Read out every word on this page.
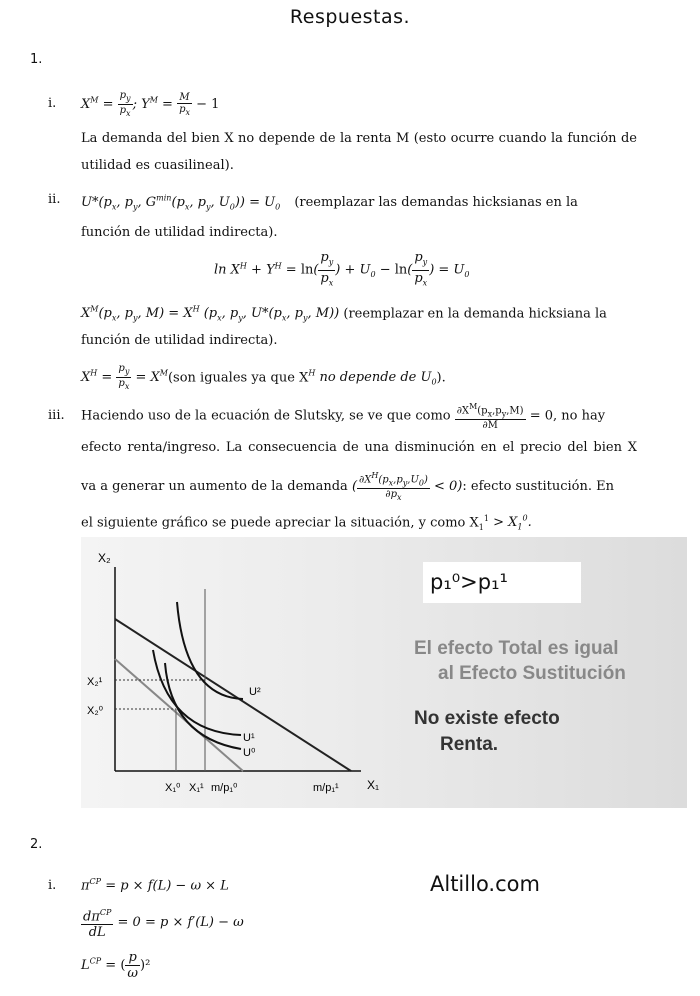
Respuestas.
1.
i. $X^M = \frac{p_y}{p_x}$ ; $Y^M = \frac{M}{p_x} - 1$
La demanda del bien X no depende de la renta M (esto ocurre cuando la función de
utilidad es cuasilineal).
ii. $U*(p_x$, $p_y$, $G^{min}(p_x$, $p_y$, $U_0)) = U_0$ (reemplazar las demandas hicksianas en la
función de utilidad indirecta).
$\ln X^H + Y^H = \ln( \frac{p_y}{p_x}$ ) + $U_0 - \ln( \frac{p_y}{p_x}$ ) = $U_0$
$X^M(p_x$, $p_y$, $M) = X^H$ ($p_x$, $p_y$, $U*(p_x$, $p_y$, M)) (reemplazar en la demanda hicksiana la
función de utilidad indirecta).
$X^H = \frac{p_y}{p_x} = X^M(son$ iguales ya que $X^H$ no depende de $U_0$).
iii. Haciendo uso de la ecuación de Slutsky, se ve que como $\frac{\partial X^M(p_x,p_y,M)}{\partial M} = 0$, no hay
efecto renta/ingreso. La consecuencia de una disminución en el precio del bien X
va a generar un aumento de la demanda ( $\frac{\partial X^H(p_x,p_y,U_0)}{\partial p_x} < 0$): efecto sustitución. En
el siguiente gráfico se puede apreciar la situación, y como $X_1^1 > X_1^0$.
X₂
X₁
X₂¹
X₂⁰
X₁⁰ X₁¹ m/p₁⁰	m/p₁¹
U²
U¹
U⁰
p₁⁰>p₁¹
El efecto Total es igual
al Efecto Sustitución
No existe efecto
Renta.
2.
i. $\pi^{CP} = p \times f(L) - \omega \times L$
$\frac{d\pi^{CP}}{dL} = 0 = p \times f'(L) - \omega$
$L^{CP}$ = ( $\frac{p}{\omega} )^2$
Altillo.com
